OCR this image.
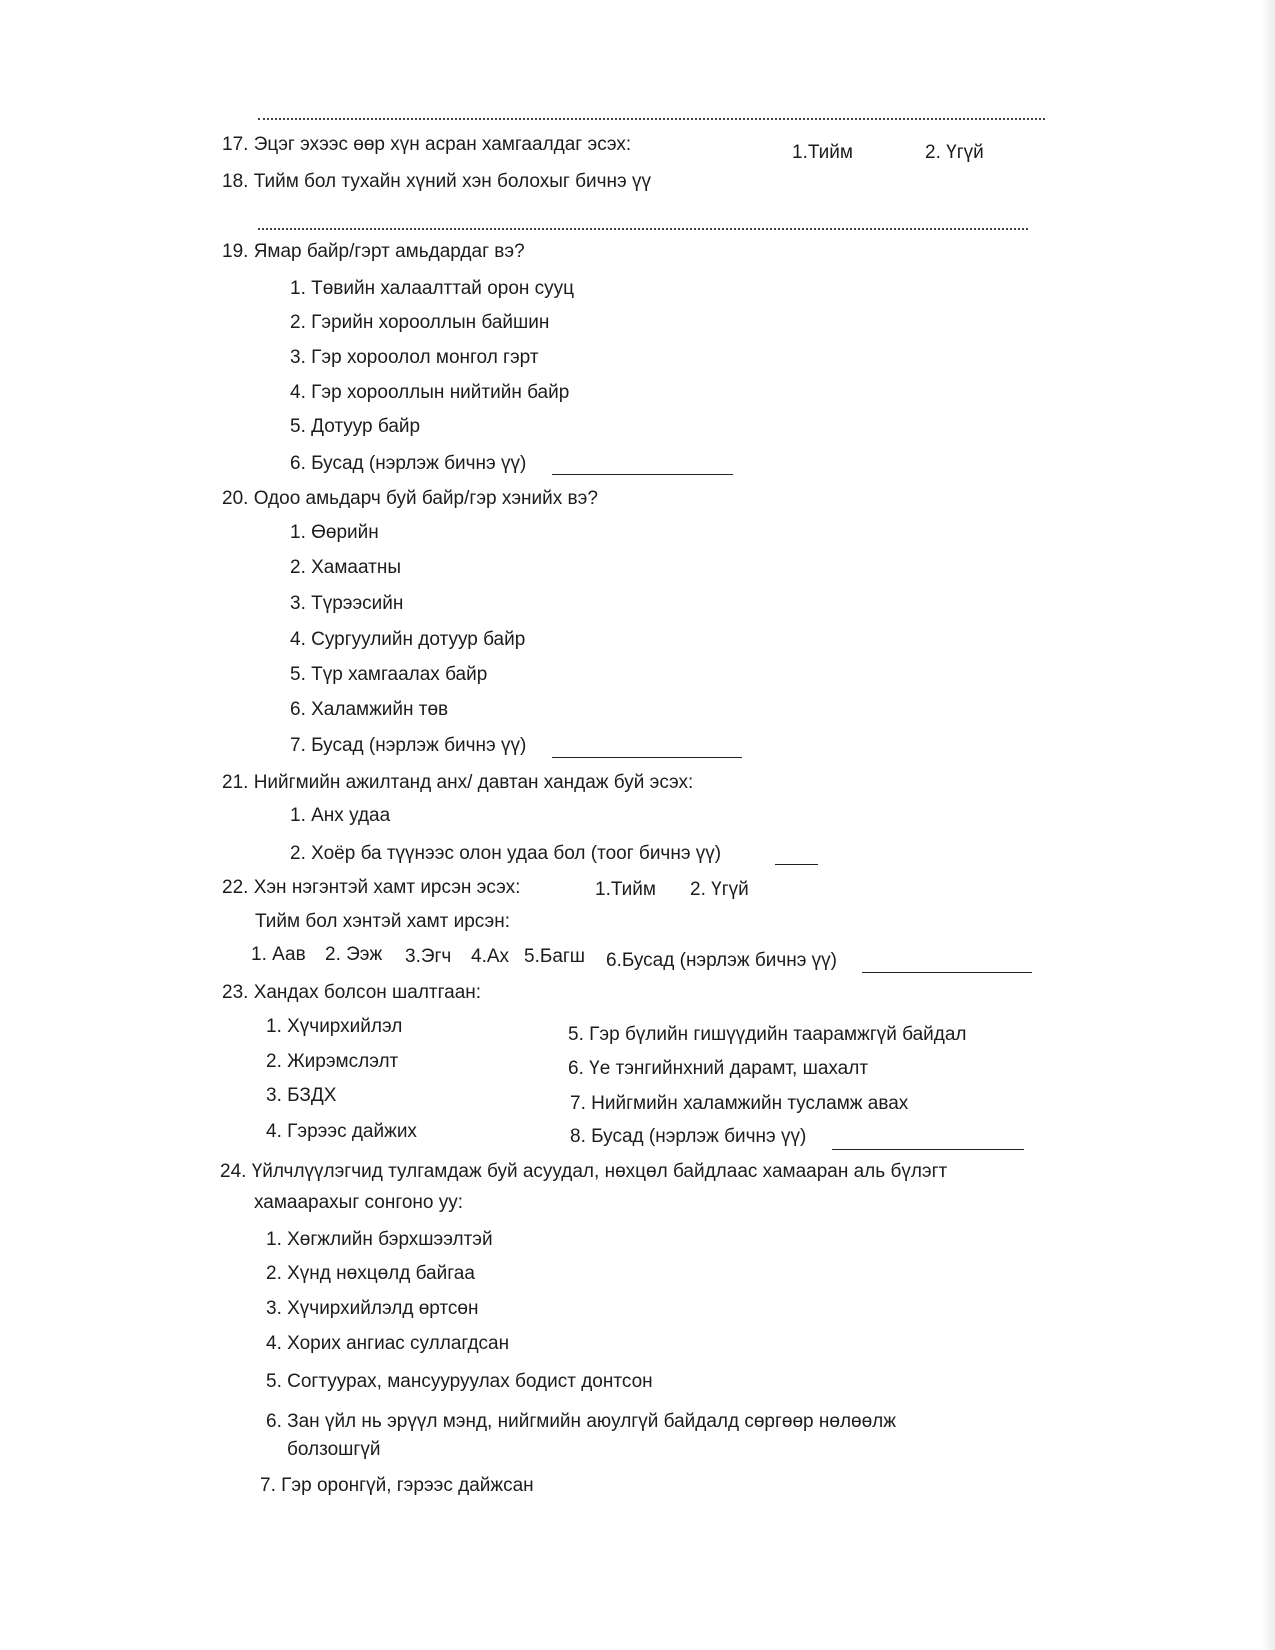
17. Эцэг эхээс өөр хүн асран хамгаалдаг эсэх:	1.Тийм	2. Үгүй
18. Тийм бол тухайн хүний хэн болохыг бичнэ үү
19. Ямар байр/гэрт амьдардаг вэ?
1. Төвийн халаалттай орон сууц
2. Гэрийн хорооллын байшин
3. Гэр хороолол монгол гэрт
4. Гэр хорооллын нийтийн байр
5. Дотуур байр
6. Бусад (нэрлэж бичнэ үү)
20. Одоо амьдарч буй байр/гэр хэнийх вэ?
1. Өөрийн
2. Хамаатны
3. Түрээсийн
4. Сургуулийн дотуур байр
5. Түр хамгаалах байр
6. Халамжийн төв
7. Бусад (нэрлэж бичнэ үү)
21. Нийгмийн ажилтанд анх/ давтан хандаж буй эсэх:
1. Анх удаа
2. Хоёр ба түүнээс олон удаа бол (тоог бичнэ үү)
22. Хэн нэгэнтэй хамт ирсэн эсэх:	1.Тийм 2. Үгүй
Тийм бол хэнтэй хамт ирсэн:
1. Аав 2. Ээж 3.Эгч 4.Ах 5.Багш 6.Бусад (нэрлэж бичнэ үү)
23. Хандах болсон шалтгаан:
1. Хүчирхийлэл
2. Жирэмслэлт
3. БЗДХ
4. Гэрээс дайжих
5. Гэр бүлийн гишүүдийн таарамжгүй байдал
6. Үе тэнгийнхний дарамт, шахалт
7. Нийгмийн халамжийн тусламж авах
8. Бусад (нэрлэж бичнэ үү)
24. Үйлчлүүлэгчид тулгамдаж буй асуудал, нөхцөл байдлаас хамааран аль бүлэгт
хамаарахыг сонгоно уу:
1. Хөгжлийн бэрхшээлтэй
2. Хүнд нөхцөлд байгаа
3. Хүчирхийлэлд өртсөн
4. Хорих ангиас суллагдсан
5. Согтуурах, мансууруулах бодист донтсон
6. Зан үйл нь эрүүл мэнд, нийгмийн аюулгүй байдалд сөргөөр нөлөөлж
болзошгүй
7. Гэр оронгүй, гэрээс дайжсан
